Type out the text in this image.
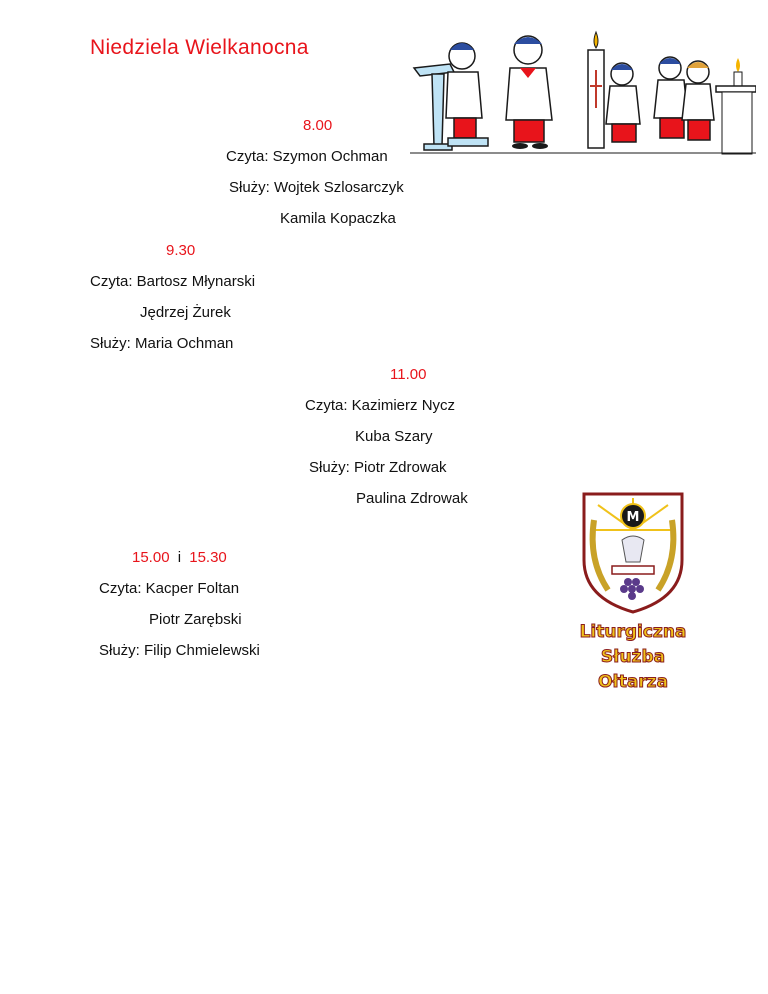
Niedziela Wielkanocna
8.00
Czyta: Szymon Ochman
Służy: Wojtek Szlosarczyk
Kamila Kopaczka
9.30
Czyta: Bartosz Młynarski
Jędrzej Żurek
Służy: Maria Ochman
11.00
Czyta: Kazimierz Nycz
Kuba Szary
Służy: Piotr Zdrowak
Paulina Zdrowak
15.00 i 15.30
Czyta: Kacper Foltan
Piotr Zarębski
Służy: Filip Chmielewski
M
Liturgiczna
Służba
Ołtarza
